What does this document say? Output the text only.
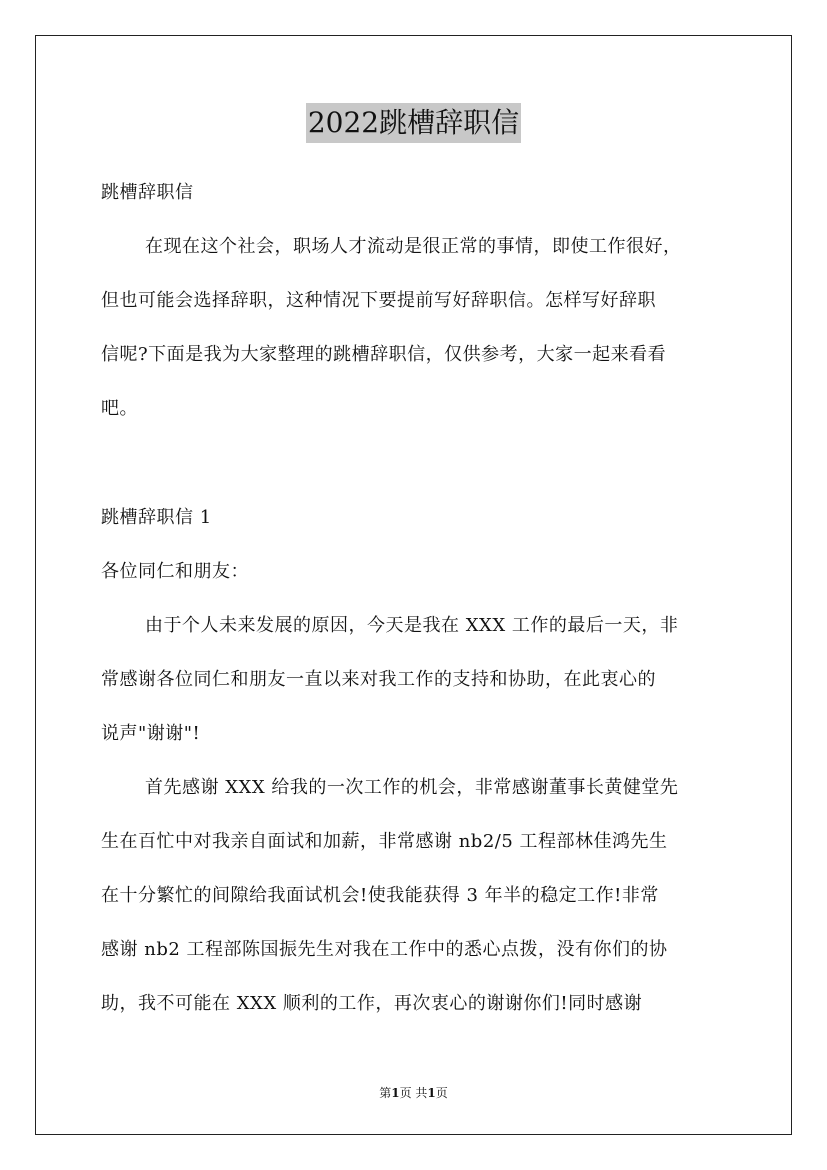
2022跳槽辞职信
跳槽辞职信
在现在这个社会，职场人才流动是很正常的事情，即使工作很好，
但也可能会选择辞职，这种情况下要提前写好辞职信。怎样写好辞职
信呢?下面是我为大家整理的跳槽辞职信，仅供参考，大家一起来看看
吧。
跳槽辞职信 1
各位同仁和朋友：
由于个人未来发展的原因，今天是我在 XXX 工作的最后一天，非
常感谢各位同仁和朋友一直以来对我工作的支持和协助，在此衷心的
说声"谢谢"!
首先感谢 XXX 给我的一次工作的机会，非常感谢董事长黄健堂先
生在百忙中对我亲自面试和加薪，非常感谢 nb2/5 工程部林佳鸿先生
在十分繁忙的间隙给我面试机会!使我能获得 3 年半的稳定工作!非常
感谢 nb2 工程部陈国振先生对我在工作中的悉心点拨，没有你们的协
助，我不可能在 XXX 顺利的工作，再次衷心的谢谢你们!同时感谢
第1页 共1页
